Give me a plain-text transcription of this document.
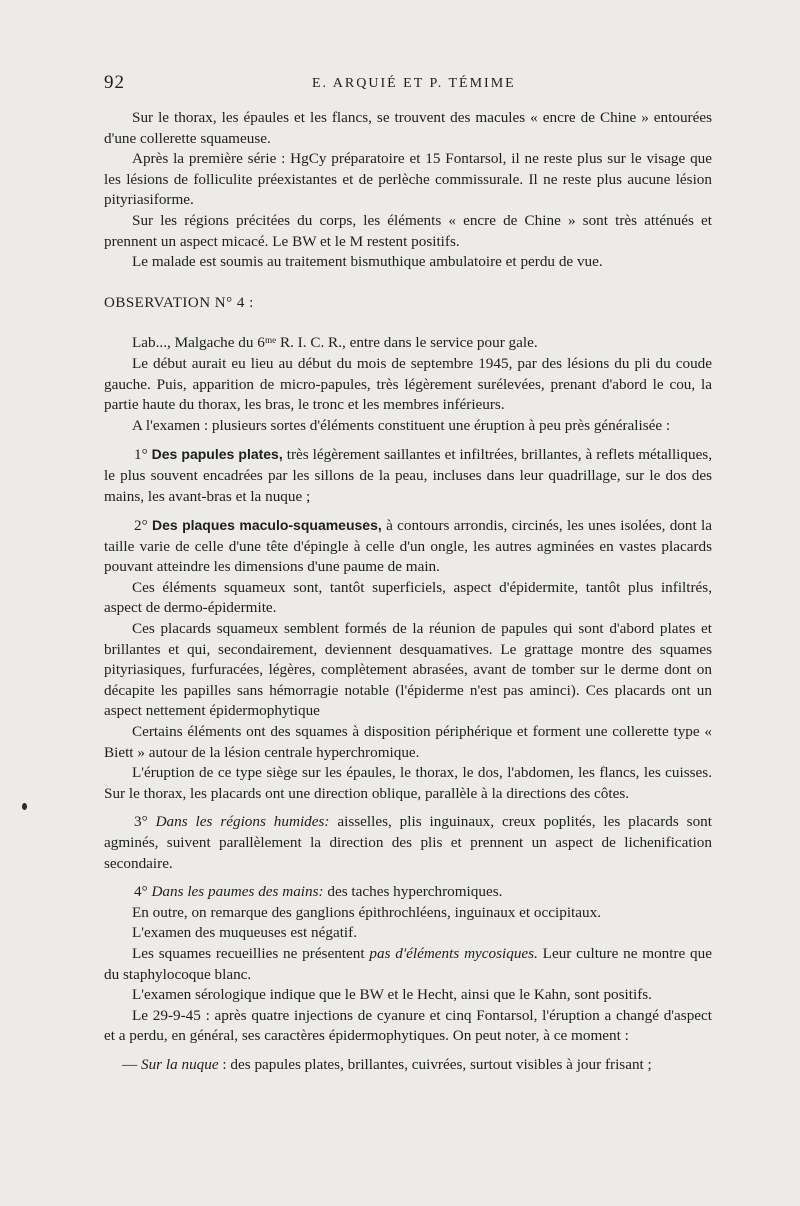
92	E. ARQUIÉ ET P. TÉMIME

Sur le thorax, les épaules et les flancs, se trouvent des macules « encre de Chine » entourées d'une collerette squameuse.

Après la première série : HgCy préparatoire et 15 Fontarsol, il ne reste plus sur le visage que les lésions de folliculite préexistantes et de perlèche commissurale. Il ne reste plus aucune lésion pityriasiforme.

Sur les régions précitées du corps, les éléments « encre de Chine » sont très atténués et prennent un aspect micacé. Le BW et le M restent positifs.

Le malade est soumis au traitement bismuthique ambulatoire et perdu de vue.

OBSERVATION N° 4 :

Lab..., Malgache du 6ᵐᵉ R. I. C. R., entre dans le service pour gale.

Le début aurait eu lieu au début du mois de septembre 1945, par des lésions du pli du coude gauche. Puis, apparition de micro-papules, très légèrement surélevées, prenant d'abord le cou, la partie haute du thorax, les bras, le tronc et les membres inférieurs.

A l'examen : plusieurs sortes d'éléments constituent une éruption à peu près généralisée :

1° Des papules plates, très légèrement saillantes et infiltrées, brillantes, à reflets métalliques, le plus souvent encadrées par les sillons de la peau, incluses dans leur quadrillage, sur le dos des mains, les avant-bras et la nuque ;

2° Des plaques maculo-squameuses, à contours arrondis, circinés, les unes isolées, dont la taille varie de celle d'une tête d'épingle à celle d'un ongle, les autres agminées en vastes placards pouvant atteindre les dimensions d'une paume de main.

Ces éléments squameux sont, tantôt superficiels, aspect d'épidermite, tantôt plus infiltrés, aspect de dermo-épidermite.

Ces placards squameux semblent formés de la réunion de papules qui sont d'abord plates et brillantes et qui, secondairement, deviennent desquamatives. Le grattage montre des squames pityriasiques, furfuracées, légères, complètement abrasées, avant de tomber sur le derme dont on décapite les papilles sans hémorragie notable (l'épiderme n'est pas aminci). Ces placards ont un aspect nettement épidermophytique

Certains éléments ont des squames à disposition périphérique et forment une collerette type « Biett » autour de la lésion centrale hyperchromique.

L'éruption de ce type siège sur les épaules, le thorax, le dos, l'abdomen, les flancs, les cuisses. Sur le thorax, les placards ont une direction oblique, parallèle à la directions des côtes.

3° Dans les régions humides: aisselles, plis inguinaux, creux poplités, les placards sont agminés, suivent parallèlement la direction des plis et prennent un aspect de lichenification secondaire.

4° Dans les paumes des mains: des taches hyperchromiques.

En outre, on remarque des ganglions épithrochléens, inguinaux et occipitaux.

L'examen des muqueuses est négatif.

Les squames recueillies ne présentent pas d'éléments mycosiques. Leur culture ne montre que du staphylocoque blanc.

L'examen sérologique indique que le BW et le Hecht, ainsi que le Kahn, sont positifs.

Le 29-9-45 : après quatre injections de cyanure et cinq Fontarsol, l'éruption a changé d'aspect et a perdu, en général, ses caractères épidermophytiques. On peut noter, à ce moment :

— Sur la nuque : des papules plates, brillantes, cuivrées, surtout visibles à jour frisant ;
